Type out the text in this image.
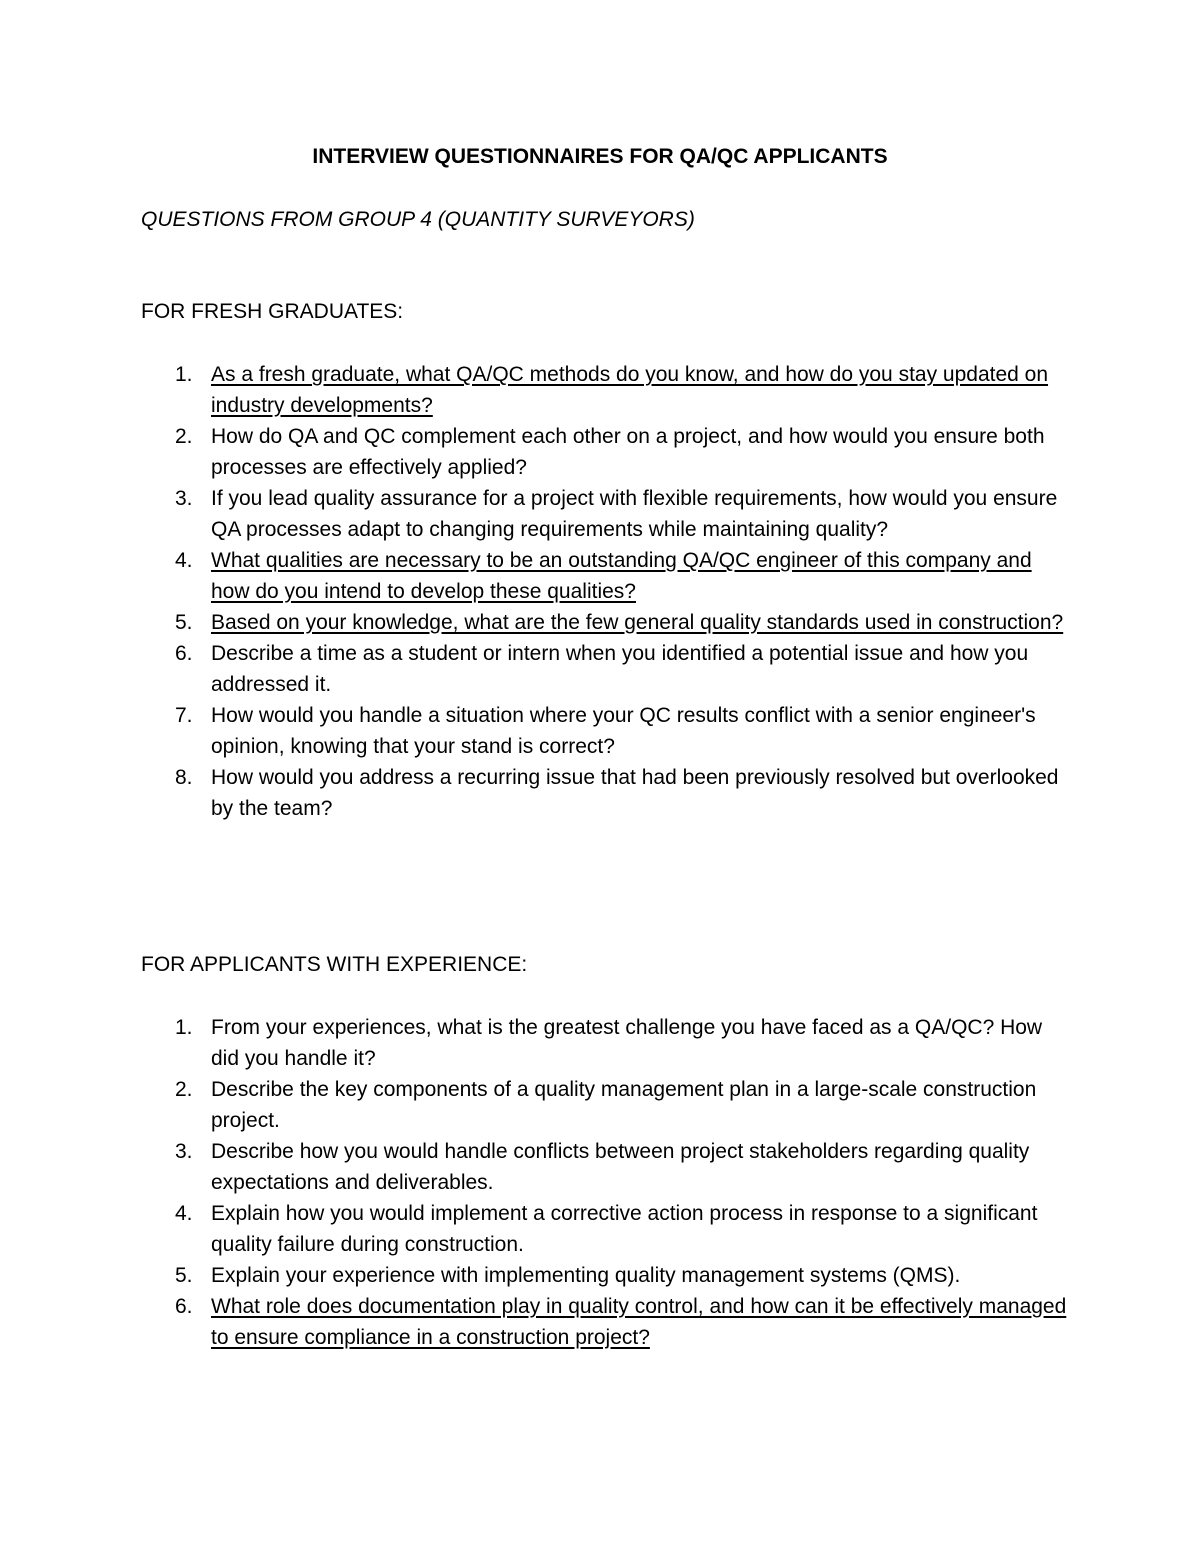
INTERVIEW QUESTIONNAIRES FOR QA/QC APPLICANTS
QUESTIONS FROM GROUP 4 (QUANTITY SURVEYORS)
FOR FRESH GRADUATES:
1. As a fresh graduate, what QA/QC methods do you know, and how do you stay updated on industry developments?
2. How do QA and QC complement each other on a project, and how would you ensure both processes are effectively applied?
3. If you lead quality assurance for a project with flexible requirements, how would you ensure QA processes adapt to changing requirements while maintaining quality?
4. What qualities are necessary to be an outstanding QA/QC engineer of this company and how do you intend to develop these qualities?
5. Based on your knowledge, what are the few general quality standards used in construction?
6. Describe a time as a student or intern when you identified a potential issue and how you addressed it.
7. How would you handle a situation where your QC results conflict with a senior engineer's opinion, knowing that your stand is correct?
8. How would you address a recurring issue that had been previously resolved but overlooked by the team?
FOR APPLICANTS WITH EXPERIENCE:
1. From your experiences, what is the greatest challenge you have faced as a QA/QC? How did you handle it?
2. Describe the key components of a quality management plan in a large-scale construction project.
3. Describe how you would handle conflicts between project stakeholders regarding quality expectations and deliverables.
4. Explain how you would implement a corrective action process in response to a significant quality failure during construction.
5. Explain your experience with implementing quality management systems (QMS).
6. What role does documentation play in quality control, and how can it be effectively managed to ensure compliance in a construction project?
